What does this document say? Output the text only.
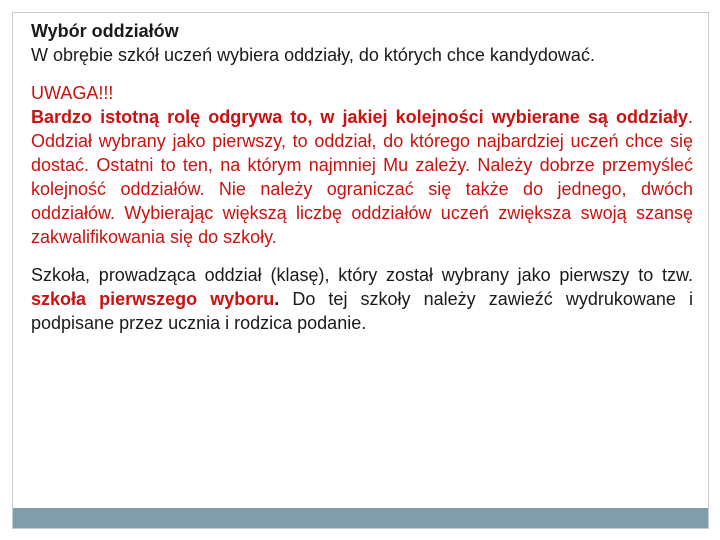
Wybór oddziałów

W obrębie szkół uczeń wybiera oddziały, do których chce kandydować.

UWAGA!!!

Bardzo istotną rolę odgrywa to, w jakiej kolejności wybierane są oddziały. Oddział wybrany jako pierwszy, to oddział, do którego najbardziej uczeń chce się dostać. Ostatni to ten, na którym najmniej Mu zależy. Należy dobrze przemyśleć kolejność oddziałów. Nie należy ograniczać się także do jednego, dwóch oddziałów. Wybierając większą liczbę oddziałów uczeń zwiększa swoją szansę zakwalifikowania się do szkoły.

Szkoła, prowadząca oddział (klasę), który został wybrany jako pierwszy to tzw. szkoła pierwszego wyboru. Do tej szkoły należy zawieźć wydrukowane i podpisane przez ucznia i rodzica podanie.
